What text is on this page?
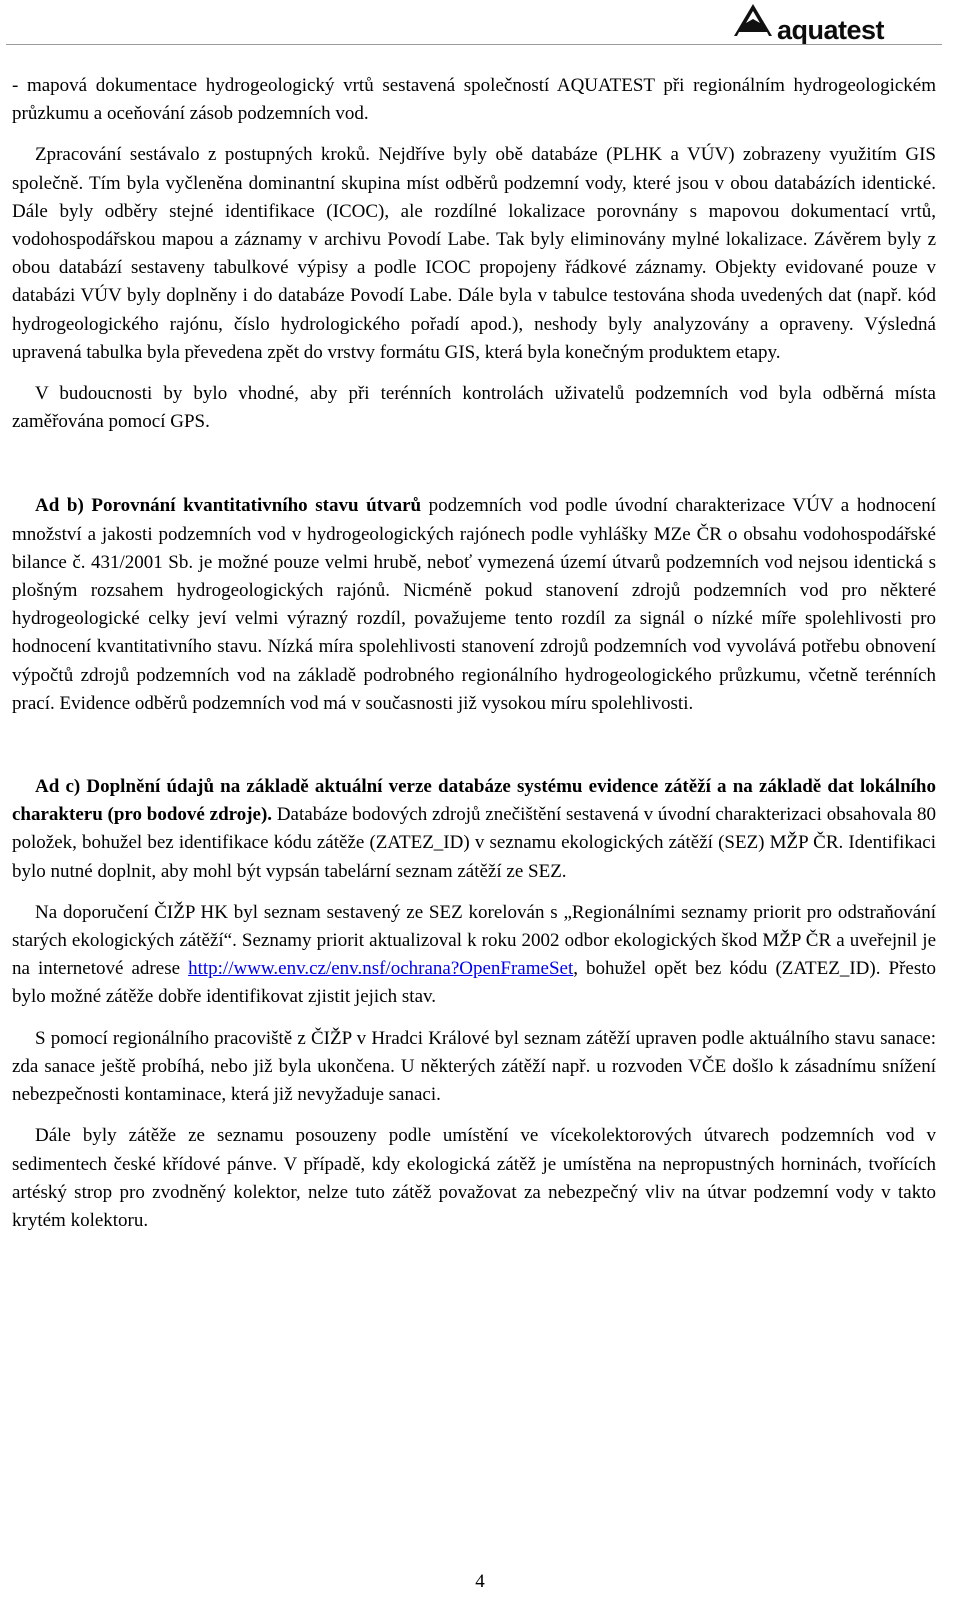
aquatest

- mapová dokumentace hydrogeologický vrtů sestavená společností AQUATEST při regionálním hydrogeologickém průzkumu a oceňování zásob podzemních vod.

Zpracování sestávalo z postupných kroků. Nejdříve byly obě databáze (PLHK a VÚV) zobrazeny využitím GIS společně. Tím byla vyčleněna dominantní skupina míst odběrů podzemní vody, které jsou v obou databázích identické. Dále byly odběry stejné identifikace (ICOC), ale rozdílné lokalizace porovnány s mapovou dokumentací vrtů, vodohospodářskou mapou a záznamy v archivu Povodí Labe. Tak byly eliminovány mylné lokalizace. Závěrem byly z obou databází sestaveny tabulkové výpisy a podle ICOC propojeny řádkové záznamy. Objekty evidované pouze v databázi VÚV byly doplněny i do databáze Povodí Labe. Dále byla v tabulce testována shoda uvedených dat (např. kód hydrogeologického rajónu, číslo hydrologického pořadí apod.), neshody byly analyzovány a opraveny. Výsledná upravená tabulka byla převedena zpět do vrstvy formátu GIS, která byla konečným produktem etapy.

V budoucnosti by bylo vhodné, aby při terénních kontrolách uživatelů podzemních vod byla odběrná místa zaměřována pomocí GPS.

Ad b) Porovnání kvantitativního stavu útvarů podzemních vod podle úvodní charakterizace VÚV a hodnocení množství a jakosti podzemních vod v hydrogeologických rajónech podle vyhlášky MZe ČR o obsahu vodohospodářské bilance č. 431/2001 Sb. je možné pouze velmi hrubě, neboť vymezená území útvarů podzemních vod nejsou identická s plošným rozsahem hydrogeologických rajónů. Nicméně pokud stanovení zdrojů podzemních vod pro některé hydrogeologické celky jeví velmi výrazný rozdíl, považujeme tento rozdíl za signál o nízké míře spolehlivosti pro hodnocení kvantitativního stavu. Nízká míra spolehlivosti stanovení zdrojů podzemních vod vyvolává potřebu obnovení výpočtů zdrojů podzemních vod na základě podrobného regionálního hydrogeologického průzkumu, včetně terénních prací. Evidence odběrů podzemních vod má v současnosti již vysokou míru spolehlivosti.

Ad c) Doplnění údajů na základě aktuální verze databáze systému evidence zátěží a na základě dat lokálního charakteru (pro bodové zdroje). Databáze bodových zdrojů znečištění sestavená v úvodní charakterizaci obsahovala 80 položek, bohužel bez identifikace kódu zátěže (ZATEZ_ID) v seznamu ekologických zátěží (SEZ) MŽP ČR. Identifikaci bylo nutné doplnit, aby mohl být vypsán tabelární seznam zátěží ze SEZ.

Na doporučení ČIŽP HK byl seznam sestavený ze SEZ korelován s „Regionálními seznamy priorit pro odstraňování starých ekologických zátěží“. Seznamy priorit aktualizoval k roku 2002 odbor ekologických škod MŽP ČR a uveřejnil je na internetové adrese http://www.env.cz/env.nsf/ochrana?OpenFrameSet, bohužel opět bez kódu (ZATEZ_ID). Přesto bylo možné zátěže dobře identifikovat zjistit jejich stav.

S pomocí regionálního pracoviště z ČIŽP v Hradci Králové byl seznam zátěží upraven podle aktuálního stavu sanace: zda sanace ještě probíhá, nebo již byla ukončena. U některých zátěží např. u rozvoden VČE došlo k zásadnímu snížení nebezpečnosti kontaminace, která již nevyžaduje sanaci.

Dále byly zátěže ze seznamu posouzeny podle umístění ve vícekolektorových útvarech podzemních vod v sedimentech české křídové pánve. V případě, kdy ekologická zátěž je umístěna na nepropustných horninách, tvořících artéský strop pro zvodněný kolektor, nelze tuto zátěž považovat za nebezpečný vliv na útvar podzemní vody v takto krytém kolektoru.

4
